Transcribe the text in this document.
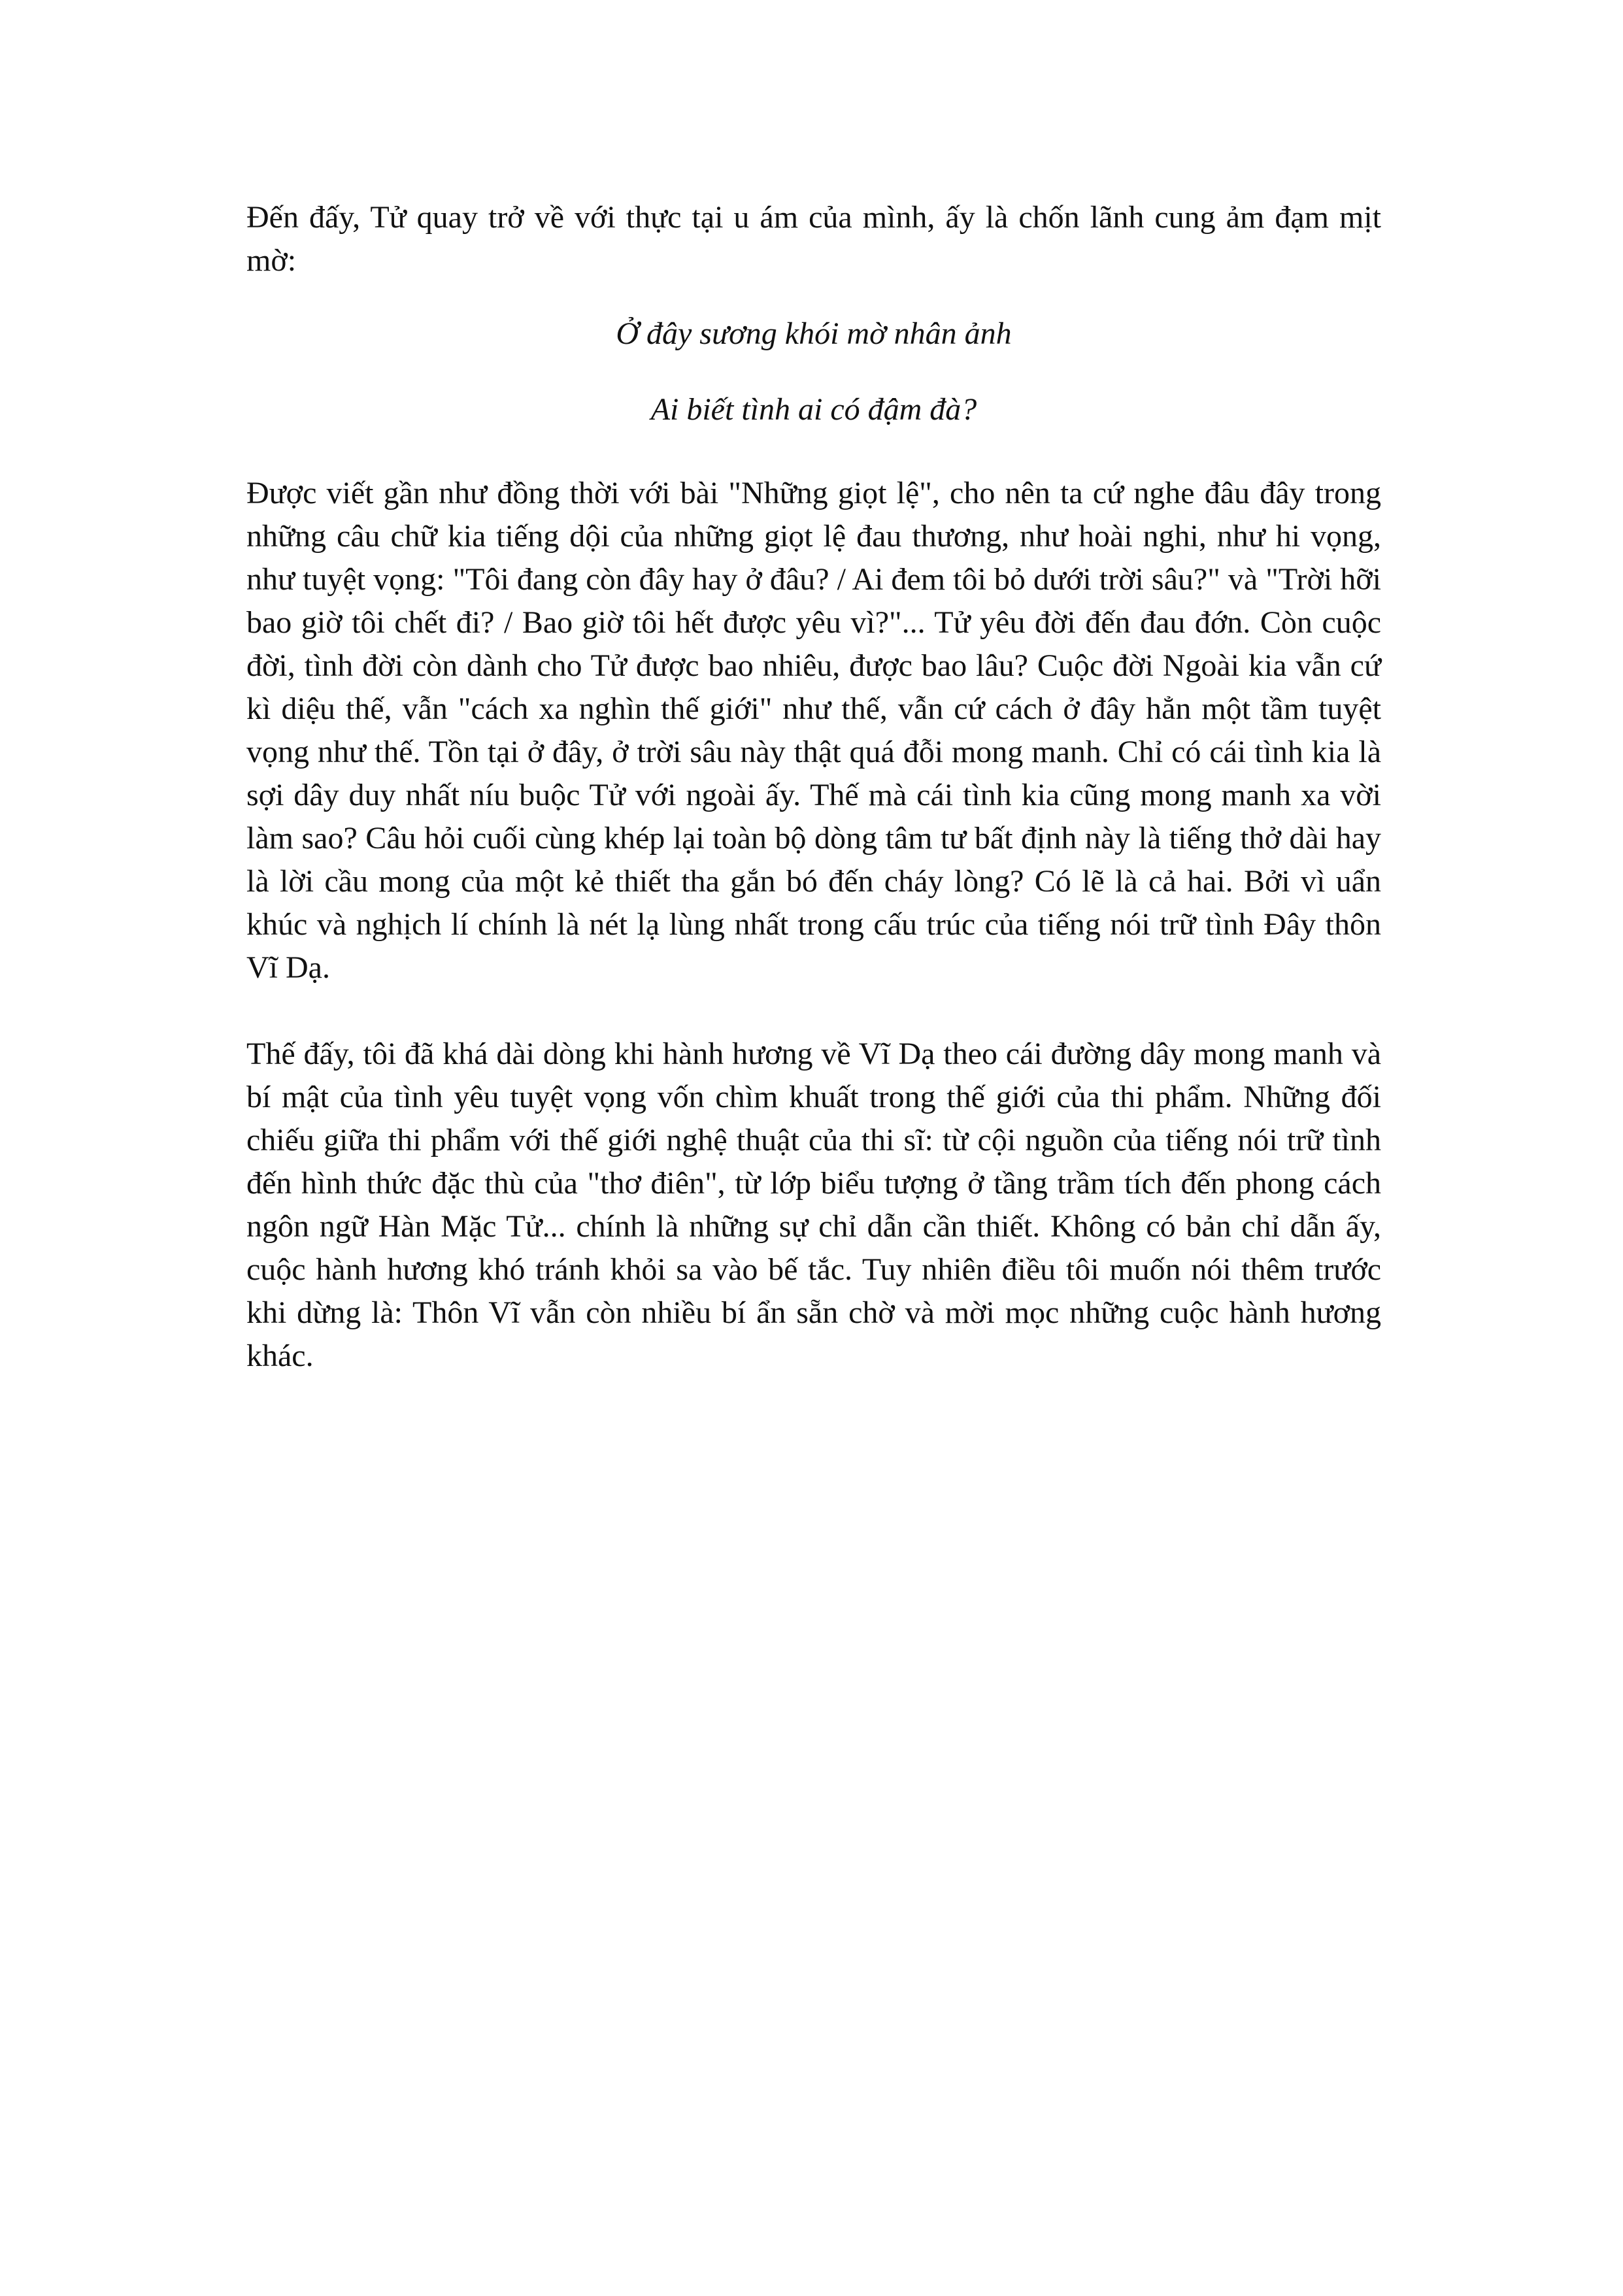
Đến đấy, Tử quay trở về với thực tại u ám của mình, ấy là chốn lãnh cung ảm đạm mịt mờ:

Ở đây sương khói mờ nhân ảnh

Ai biết tình ai có đậm đà?

Được viết gần như đồng thời với bài "Những giọt lệ", cho nên ta cứ nghe đâu đây trong những câu chữ kia tiếng dội của những giọt lệ đau thương, như hoài nghi, như hi vọng, như tuyệt vọng: "Tôi đang còn đây hay ở đâu? / Ai đem tôi bỏ dưới trời sâu?" và "Trời hỡi bao giờ tôi chết đi? / Bao giờ tôi hết được yêu vì?"... Tử yêu đời đến đau đớn. Còn cuộc đời, tình đời còn dành cho Tử được bao nhiêu, được bao lâu? Cuộc đời Ngoài kia vẫn cứ kì diệu thế, vẫn "cách xa nghìn thế giới" như thế, vẫn cứ cách ở đây hẳn một tầm tuyệt vọng như thế. Tồn tại ở đây, ở trời sâu này thật quá đỗi mong manh. Chỉ có cái tình kia là sợi dây duy nhất níu buộc Tử với ngoài ấy. Thế mà cái tình kia cũng mong manh xa vời làm sao? Câu hỏi cuối cùng khép lại toàn bộ dòng tâm tư bất định này là tiếng thở dài hay là lời cầu mong của một kẻ thiết tha gắn bó đến cháy lòng? Có lẽ là cả hai. Bởi vì uẩn khúc và nghịch lí chính là nét lạ lùng nhất trong cấu trúc của tiếng nói trữ tình Đây thôn Vĩ Dạ.

Thế đấy, tôi đã khá dài dòng khi hành hương về Vĩ Dạ theo cái đường dây mong manh và bí mật của tình yêu tuyệt vọng vốn chìm khuất trong thế giới của thi phẩm. Những đối chiếu giữa thi phẩm với thế giới nghệ thuật của thi sĩ: từ cội nguồn của tiếng nói trữ tình đến hình thức đặc thù của "thơ điên", từ lớp biểu tượng ở tầng trầm tích đến phong cách ngôn ngữ Hàn Mặc Tử... chính là những sự chỉ dẫn cần thiết. Không có bản chỉ dẫn ấy, cuộc hành hương khó tránh khỏi sa vào bế tắc. Tuy nhiên điều tôi muốn nói thêm trước khi dừng là: Thôn Vĩ vẫn còn nhiều bí ẩn sẵn chờ và mời mọc những cuộc hành hương khác.
